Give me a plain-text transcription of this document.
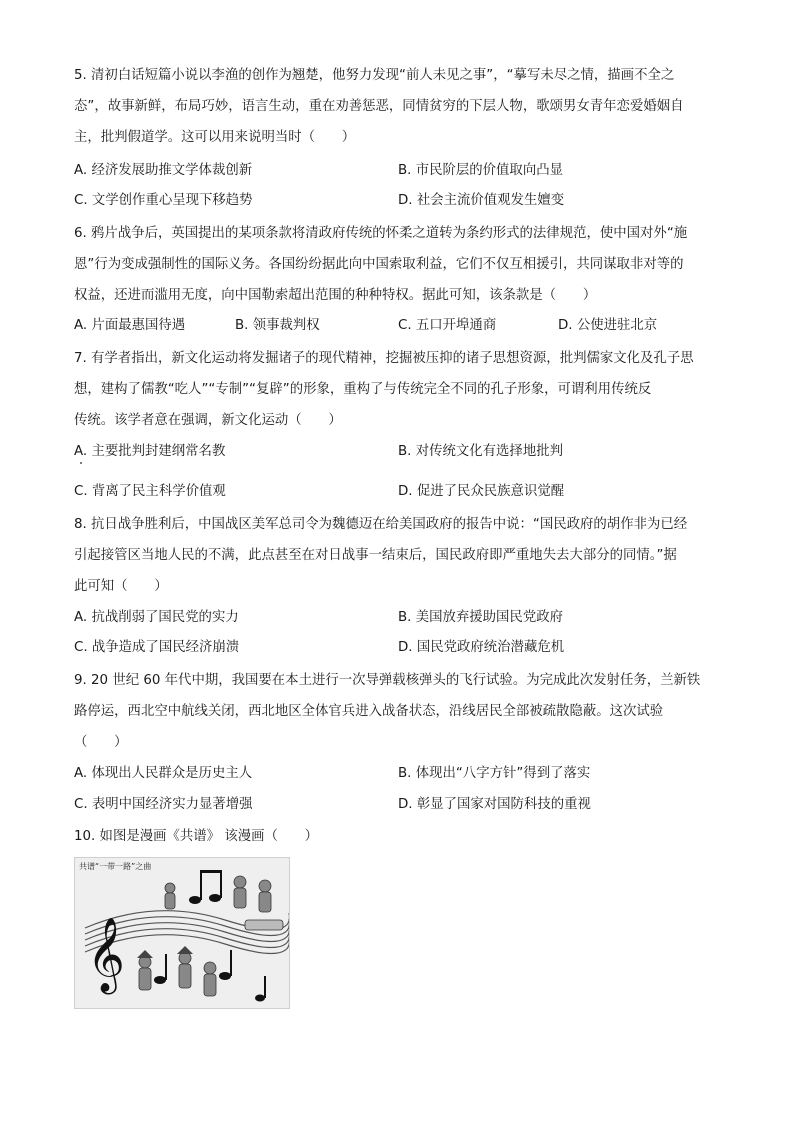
5. 清初白话短篇小说以李渔的创作为翘楚，他努力发现“前人未见之事”，“摹写未尽之情，描画不全之
态”，故事新鲜，布局巧妙，语言生动，重在劝善惩恶，同情贫穷的下层人物，歌颂男女青年恋爱婚姻自
主，批判假道学。这可以用来说明当时（　　）
A. 经济发展助推文学体裁创新	B. 市民阶层的价值取向凸显
C. 文学创作重心呈现下移趋势	D. 社会主流价值观发生嬗变
6. 鸦片战争后，英国提出的某项条款将清政府传统的怀柔之道转为条约形式的法律规范，使中国对外“施
恩”行为变成强制性的国际义务。各国纷纷据此向中国索取利益，它们不仅互相援引，共同谋取非对等的
权益，还进而滥用无度，向中国勒索超出范围的种种特权。据此可知，该条款是（　　）
A. 片面最惠国待遇	B. 领事裁判权	C. 五口开埠通商	D. 公使进驻北京
7. 有学者指出，新文化运动将发掘诸子的现代精神，挖掘被压抑的诸子思想资源，批判儒家文化及孔子思
想，建构了儒教“吃人”“专制”“复辟”的形象，重构了与传统完全不同的孔子形象，可谓利用传统反
传统。该学者意在强调，新文化运动（　　）
A. 主要批判封建纲常名教	B. 对传统文化有选择地批判
C. 背离了民主科学价值观	D. 促进了民众民族意识觉醒
8. 抗日战争胜利后，中国战区美军总司令为魏德迈在给美国政府的报告中说：“国民政府的胡作非为已经
引起接管区当地人民的不满，此点甚至在对日战事一结束后，国民政府即严重地失去大部分的同情。”据
此可知（　　）
A. 抗战削弱了国民党的实力	B. 美国放弃援助国民党政府
C. 战争造成了国民经济崩溃	D. 国民党政府统治潜藏危机
9. 20 世纪 60 年代中期，我国要在本土进行一次导弹载核弹头的飞行试验。为完成此次发射任务，兰新铁
路停运，西北空中航线关闭，西北地区全体官兵进入战备状态，沿线居民全部被疏散隐蔽。这次试验
（　　）
A. 体现出人民群众是历史主人	B. 体现出“八字方针”得到了落实
C. 表明中国经济实力显著增强	D. 彰显了国家对国防科技的重视
10. 如图是漫画《共谱》 该漫画（　　）
𝄞
共谱“一带一路”之曲
